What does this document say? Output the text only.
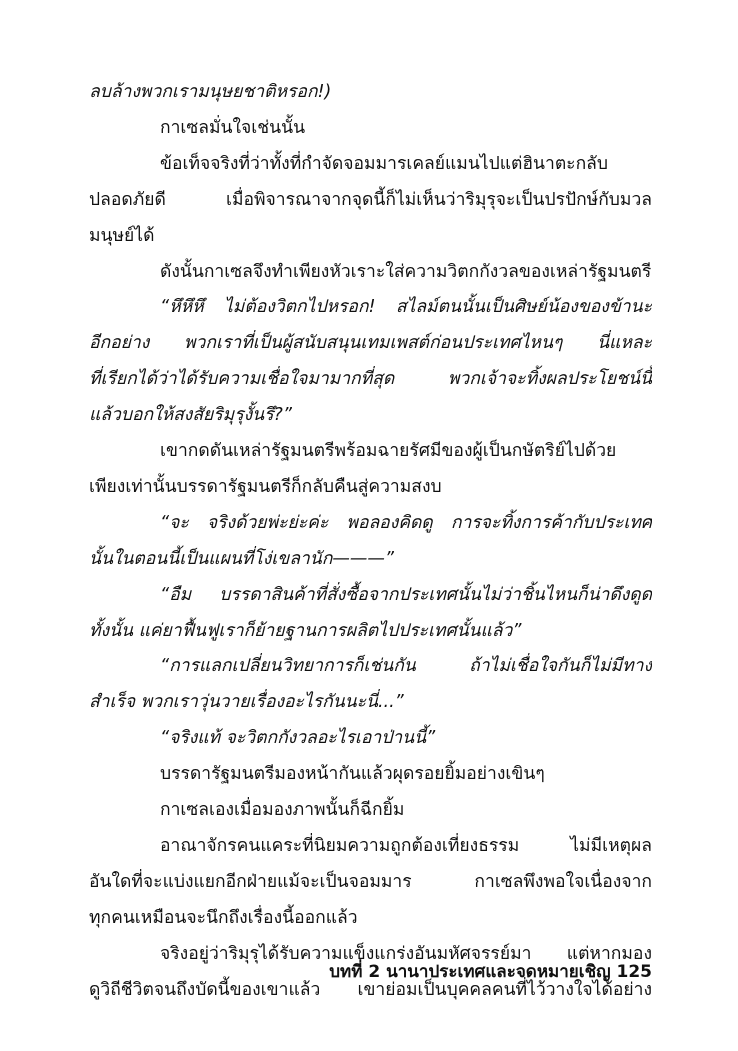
ลบล้างพวกเรามนุษยชาติหรอก!)
กาเซลมั่นใจเช่นนั้น
ข้อเท็จจริงที่ว่าทั้งที่กำจัดจอมมารเคลย์แมนไปแต่ฮินาตะกลับ
ปลอดภัยดี เมื่อพิจารณาจากจุดนี้ก็ไม่เห็นว่าริมุรุจะเป็นปรปักษ์กับมวล
มนุษย์ได้
ดังนั้นกาเซลจึงทำเพียงหัวเราะใส่ความวิตกกังวลของเหล่ารัฐมนตรี
“หึหึหึ ไม่ต้องวิตกไปหรอก! สไลม์ตนนั้นเป็นศิษย์น้องของข้านะ
อีกอย่าง พวกเราที่เป็นผู้สนับสนุนเทมเพสต์ก่อนประเทศไหนๆ นี่แหละ
ที่เรียกได้ว่าได้รับความเชื่อใจมามากที่สุด พวกเจ้าจะทิ้งผลประโยชน์นี้
แล้วบอกให้สงสัยริมุรุงั้นรึ?”
เขากดดันเหล่ารัฐมนตรีพร้อมฉายรัศมีของผู้เป็นกษัตริย์ไปด้วย
เพียงเท่านั้นบรรดารัฐมนตรีก็กลับคืนสู่ความสงบ
“จะ จริงด้วยพ่ะย่ะค่ะ พอลองคิดดู การจะทิ้งการค้ากับประเทศ
นั้นในตอนนี้เป็นแผนที่โง่เขลานัก———”
“อืม บรรดาสินค้าที่สั่งซื้อจากประเทศนั้นไม่ว่าชิ้นไหนก็น่าดึงดูด
ทั้งนั้น แค่ยาฟื้นฟูเราก็ย้ายฐานการผลิตไปประเทศนั้นแล้ว”
“การแลกเปลี่ยนวิทยาการก็เช่นกัน ถ้าไม่เชื่อใจกันก็ไม่มีทาง
สำเร็จ พวกเราวุ่นวายเรื่องอะไรกันนะนี่...”
“จริงแท้ จะวิตกกังวลอะไรเอาป่านนี้”
บรรดารัฐมนตรีมองหน้ากันแล้วผุดรอยยิ้มอย่างเขินๆ
กาเซลเองเมื่อมองภาพนั้นก็ฉีกยิ้ม
อาณาจักรคนแคระที่นิยมความถูกต้องเที่ยงธรรม ไม่มีเหตุผล
อันใดที่จะแบ่งแยกอีกฝ่ายแม้จะเป็นจอมมาร กาเซลพึงพอใจเนื่องจาก
ทุกคนเหมือนจะนึกถึงเรื่องนี้ออกแล้ว
จริงอยู่ว่าริมุรุได้รับความแข็งแกร่งอันมหัศจรรย์มา แต่หากมอง
ดูวิถีชีวิตจนถึงบัดนี้ของเขาแล้ว เขาย่อมเป็นบุคคลคนที่ไว้วางใจได้อย่าง
บทที่ 2 นานาประเทศและจดหมายเชิญ 125
